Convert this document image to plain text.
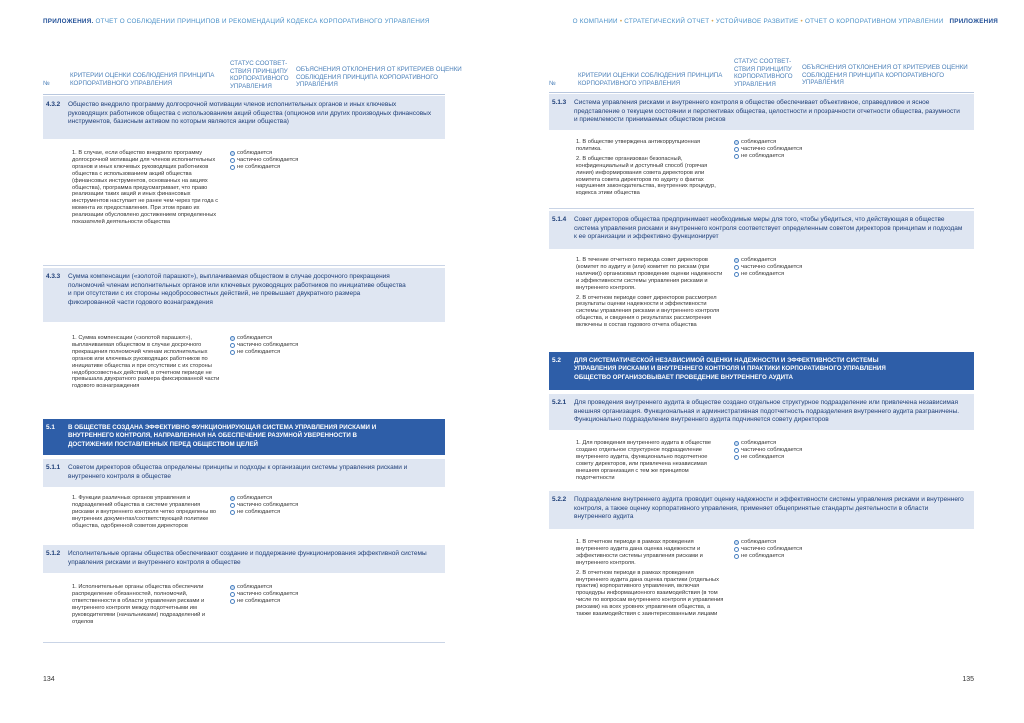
ПРИЛОЖЕНИЯ. ОТЧЕТ О СОБЛЮДЕНИИ ПРИНЦИПОВ И РЕКОМЕНДАЦИЙ КОДЕКСА КОРПОРАТИВНОГО УПРАВЛЕНИЯ
№
КРИТЕРИИ ОЦЕНКИ СОБЛЮДЕНИЯ ПРИНЦИПА КОРПОРАТИВНОГО УПРАВЛЕНИЯ
СТАТУС СООТВЕТ-СТВИЯ ПРИНЦИПУ КОРПОРАТИВНОГО УПРАВЛЕНИЯ
ОБЪЯСНЕНИЯ ОТКЛОНЕНИЯ ОТ КРИТЕРИЕВ ОЦЕНКИ СОБЛЮДЕНИЯ ПРИНЦИПА КОРПОРАТИВНОГО УПРАВЛЕНИЯ
4.3.2 Общество внедрило программу долгосрочной мотивации членов исполнительных органов и иных ключевых руководящих работников общества с использованием акций общества (опционов или других производных финансовых инструментов, базисным активом по которым являются акции общества)

1. В случае, если общество внедрило программу долгосрочной мотивации для членов исполнительных органов и иных ключевых руководящих работников общества с использованием акций общества (финансовых инструментов, основанных на акциях общества), программа предусматривает, что право реализации таких акций и иных финансовых инструментов наступает не ранее чем через три года с момента их предоставления. При этом право их реализации обусловлено достижением определенных показателей деятельности общества

соблюдается
частично соблюдается
не соблюдается
4.3.3 Сумма компенсации («золотой парашют»), выплачиваемая обществом в случае досрочного прекращения полномочий членам исполнительных органов или ключевых руководящих работников по инициативе общества и при отсутствии с их стороны недобросовестных действий, не превышает двукратного размера фиксированной части годового вознаграждения

1. Сумма компенсации («золотой парашют»), выплачиваемая обществом в случае досрочного прекращения полномочий членам исполнительных органов или ключевых руководящих работников по инициативе общества и при отсутствии с их стороны недобросовестных действий, в отчетном периоде не превышала двукратного размера фиксированной части годового вознаграждения

соблюдается
частично соблюдается
не соблюдается
5.1 В ОБЩЕСТВЕ СОЗДАНА ЭФФЕКТИВНО ФУНКЦИОНИРУЮЩАЯ СИСТЕМА УПРАВЛЕНИЯ РИСКАМИ И ВНУТРЕННЕГО КОНТРОЛЯ, НАПРАВЛЕННАЯ НА ОБЕСПЕЧЕНИЕ РАЗУМНОЙ УВЕРЕННОСТИ В ДОСТИЖЕНИИ ПОСТАВЛЕННЫХ ПЕРЕД ОБЩЕСТВОМ ЦЕЛЕЙ
5.1.1 Советом директоров общества определены принципы и подходы к организации системы управления рисками и внутреннего контроля в обществе

1. Функции различных органов управления и подразделений общества в системе управления рисками и внутреннего контроля четко определены во внутренних документах/соответствующей политике общества, одобренной советом директоров

соблюдается
частично соблюдается
не соблюдается
5.1.2 Исполнительные органы общества обеспечивают создание и поддержание функционирования эффективной системы управления рисками и внутреннего контроля в обществе

1. Исполнительные органы общества обеспечили распределение обязанностей, полномочий, ответственности в области управления рисками и внутреннего контроля между подотчетными им руководителями (начальниками) подразделений и отделов

соблюдается
частично соблюдается
не соблюдается
134
О КОМПАНИИ • СТРАТЕГИЧЕСКИЙ ОТЧЕТ • УСТОЙЧИВОЕ РАЗВИТИЕ • ОТЧЕТ О КОРПОРАТИВНОМ УПРАВЛЕНИИ ПРИЛОЖЕНИЯ
№
КРИТЕРИИ ОЦЕНКИ СОБЛЮДЕНИЯ ПРИНЦИПА КОРПОРАТИВНОГО УПРАВЛЕНИЯ
СТАТУС СООТВЕТ-СТВИЯ ПРИНЦИПУ КОРПОРАТИВНОГО УПРАВЛЕНИЯ
ОБЪЯСНЕНИЯ ОТКЛОНЕНИЯ ОТ КРИТЕРИЕВ ОЦЕНКИ СОБЛЮДЕНИЯ ПРИНЦИПА КОРПОРАТИВНОГО УПРАВЛЕНИЯ
5.1.3 Система управления рисками и внутреннего контроля в обществе обеспечивает объективное, справедливое и ясное представление о текущем состоянии и перспективах общества, целостности и прозрачности отчетности общества, разумности и приемлемости принимаемых обществом рисков

1. В обществе утверждена антикоррупционная политика.

2. В обществе организован безопасный, конфиденциальный и доступный способ (горячая линия) информирования совета директоров или комитета совета директоров по аудиту о фактах нарушения законодательства, внутренних процедур, кодекса этики общества

соблюдается
частично соблюдается
не соблюдается
5.1.4 Совет директоров общества предпринимает необходимые меры для того, чтобы убедиться, что действующая в обществе система управления рисками и внутреннего контроля соответствует определенным советом директоров принципам и подходам к ее организации и эффективно функционирует

1. В течение отчетного периода совет директоров (комитет по аудиту и (или) комитет по рискам (при наличии)) организовал проведение оценки надежности и эффективности системы управления рисками и внутреннего контроля.

2. В отчетном периоде совет директоров рассмотрел результаты оценки надежности и эффективности системы управления рисками и внутреннего контроля общества, и сведения о результатах рассмотрения включены в состав годового отчета общества

соблюдается
частично соблюдается
не соблюдается
5.2 ДЛЯ СИСТЕМАТИЧЕСКОЙ НЕЗАВИСИМОЙ ОЦЕНКИ НАДЕЖНОСТИ И ЭФФЕКТИВНОСТИ СИСТЕМЫ УПРАВЛЕНИЯ РИСКАМИ И ВНУТРЕННЕГО КОНТРОЛЯ И ПРАКТИКИ КОРПОРАТИВНОГО УПРАВЛЕНИЯ ОБЩЕСТВО ОРГАНИЗОВЫВАЕТ ПРОВЕДЕНИЕ ВНУТРЕННЕГО АУДИТА
5.2.1 Для проведения внутреннего аудита в обществе создано отдельное структурное подразделение или привлечена независимая внешняя организация. Функциональная и административная подотчетность подразделения внутреннего аудита разграничены. Функционально подразделение внутреннего аудита подчиняется совету директоров

1. Для проведения внутреннего аудита в обществе создано отдельное структурное подразделение внутреннего аудита, функционально подотчетное совету директоров, или привлечена независимая внешняя организация с тем же принципом подотчетности

соблюдается
частично соблюдается
не соблюдается
5.2.2 Подразделение внутреннего аудита проводит оценку надежности и эффективности системы управления рисками и внутреннего контроля, а также оценку корпоративного управления, применяет общепринятые стандарты деятельности в области внутреннего аудита

1. В отчетном периоде в рамках проведения внутреннего аудита дана оценка надежности и эффективности системы управления рисками и внутреннего контроля.

2. В отчетном периоде в рамках проведения внутреннего аудита дана оценка практики (отдельных практик) корпоративного управления, включая процедуры информационного взаимодействия (в том числе по вопросам внутреннего контроля и управления рисками) на всех уровнях управления общества, а также взаимодействия с заинтересованными лицами

соблюдается
частично соблюдается
не соблюдается
135
